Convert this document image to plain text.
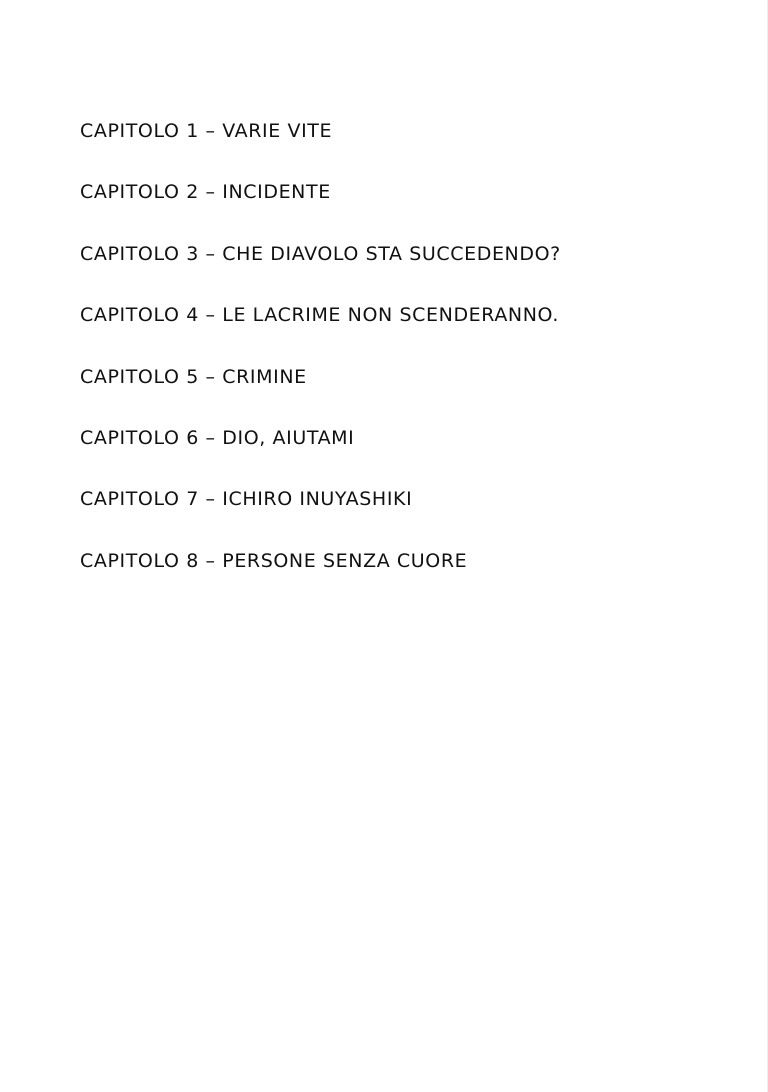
CAPITOLO 1 – VARIE VITE
CAPITOLO 2 – INCIDENTE
CAPITOLO 3 – CHE DIAVOLO STA SUCCEDENDO?
CAPITOLO 4 – LE LACRIME NON SCENDERANNO.
CAPITOLO 5 – CRIMINE
CAPITOLO 6 – DIO, AIUTAMI
CAPITOLO 7 – ICHIRO INUYASHIKI
CAPITOLO 8 – PERSONE SENZA CUORE
